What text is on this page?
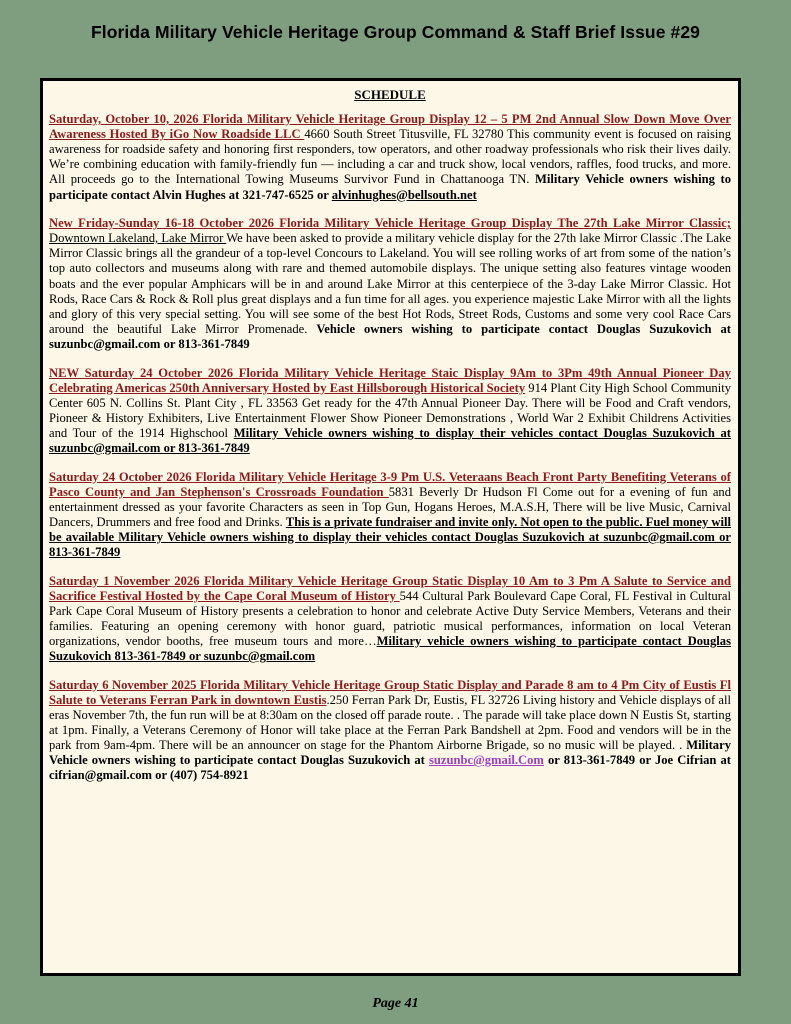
Florida Military Vehicle Heritage Group Command & Staff Brief Issue #29
SCHEDULE
Saturday, October 10, 2026 Florida Military Vehicle Heritage Group Display 12 – 5 PM 2nd Annual Slow Down Move Over Awareness Hosted By iGo Now Roadside LLC 4660 South Street Titusville, FL 32780 This community event is focused on raising awareness for roadside safety and honoring first responders, tow operators, and other roadway professionals who risk their lives daily. We’re combining education with family-friendly fun — including a car and truck show, local vendors, raffles, food trucks, and more. All proceeds go to the International Towing Museums Survivor Fund in Chattanooga TN. Military Vehicle owners wishing to participate contact Alvin Hughes at 321-747-6525 or alvinhughes@bellsouth.net
New Friday-Sunday 16-18 October 2026 Florida Military Vehicle Heritage Group Display The 27th Lake Mirror Classic; Downtown Lakeland, Lake Mirror We have been asked to provide a military vehicle display for the 27th lake Mirror Classic .The Lake Mirror Classic brings all the grandeur of a top-level Concours to Lakeland. You will see rolling works of art from some of the nation’s top auto collectors and museums along with rare and themed automobile displays. The unique setting also features vintage wooden boats and the ever popular Amphicars will be in and around Lake Mirror at this centerpiece of the 3-day Lake Mirror Classic. Hot Rods, Race Cars & Rock & Roll plus great displays and a fun time for all ages. you experience majestic Lake Mirror with all the lights and glory of this very special setting. You will see some of the best Hot Rods, Street Rods, Customs and some very cool Race Cars around the beautiful Lake Mirror Promenade. Vehicle owners wishing to participate contact Douglas Suzukovich at suzunbc@gmail.com or 813-361-7849
NEW Saturday 24 October 2026 Florida Military Vehicle Heritage Staic Display 9Am to 3Pm 49th Annual Pioneer Day Celebrating Americas 250th Anniversary Hosted by East Hillsborough Historical Society 914 Plant City High School Community Center 605 N. Collins St. Plant City , FL 33563 Get ready for the 47th Annual Pioneer Day. There will be Food and Craft vendors, Pioneer & History Exhibiters, Live Entertainment Flower Show Pioneer Demonstrations , World War 2 Exhibit Childrens Activities and Tour of the 1914 Highschool Military Vehicle owners wishing to display their vehicles contact Douglas Suzukovich at suzunbc@gmail.com or 813-361-7849
Saturday 24 October 2026 Florida Military Vehicle Heritage 3-9 Pm U.S. Veteraans Beach Front Party Benefiting Veterans of Pasco County and Jan Stephenson's Crossroads Foundation 5831 Beverly Dr Hudson Fl Come out for a evening of fun and entertainment dressed as your favorite Characters as seen in Top Gun, Hogans Heroes, M.A.S.H, There will be live Music, Carnival Dancers, Drummers and free food and Drinks. This is a private fundraiser and invite only. Not open to the public. Fuel money will be available Military Vehicle owners wishing to display their vehicles contact Douglas Suzukovich at suzunbc@gmail.com or 813-361-7849
Saturday 1 November 2026 Florida Military Vehicle Heritage Group Static Display 10 Am to 3 Pm A Salute to Service and Sacrifice Festival Hosted by the Cape Coral Museum of History 544 Cultural Park Boulevard Cape Coral, FL Festival in Cultural Park Cape Coral Museum of History presents a celebration to honor and celebrate Active Duty Service Members, Veterans and their families. Featuring an opening ceremony with honor guard, patriotic musical performances, information on local Veteran organizations, vendor booths, free museum tours and more…Military vehicle owners wishing to participate contact Douglas Suzukovich 813-361-7849 or suzunbc@gmail.com
Saturday 6 November 2025 Florida Military Vehicle Heritage Group Static Display and Parade 8 am to 4 Pm City of Eustis Fl Salute to Veterans Ferran Park in downtown Eustis.250 Ferran Park Dr, Eustis, FL 32726 Living history and Vehicle displays of all eras November 7th, the fun run will be at 8:30am on the closed off parade route. . The parade will take place down N Eustis St, starting at 1pm. Finally, a Veterans Ceremony of Honor will take place at the Ferran Park Bandshell at 2pm. Food and vendors will be in the park from 9am-4pm. There will be an announcer on stage for the Phantom Airborne Brigade, so no music will be played. . Military Vehicle owners wishing to participate contact Douglas Suzukovich at suzunbc@gmail.Com or 813-361-7849 or Joe Cifrian at cifrian@gmail.com or (407) 754-8921
Page 41
